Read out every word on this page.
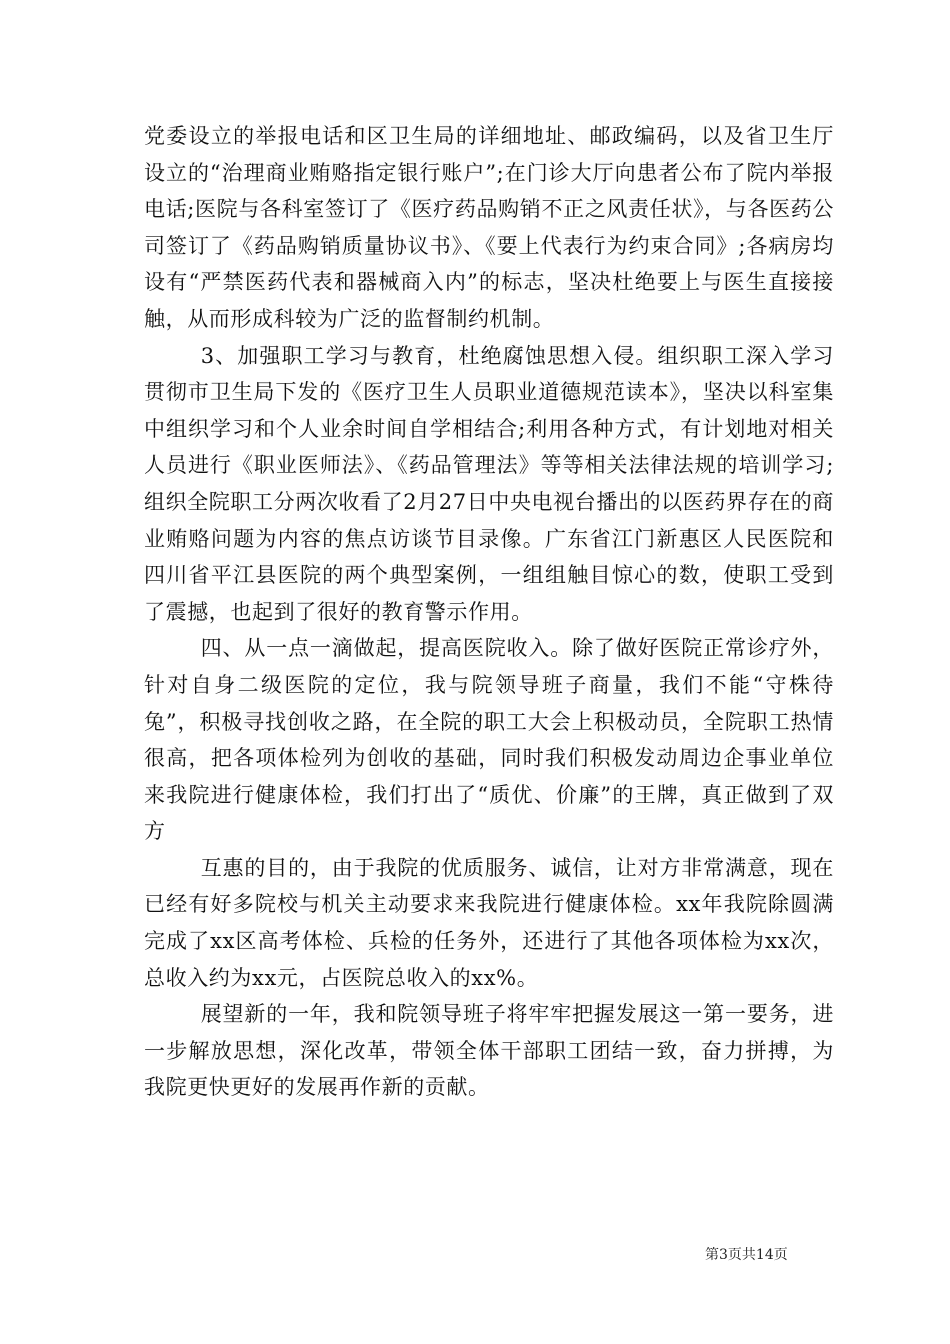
党委设立的举报电话和区卫生局的详细地址、邮政编码，以及省卫生厅设立的“治理商业贿赂指定银行账户”;在门诊大厅向患者公布了院内举报电话;医院与各科室签订了《医疗药品购销不正之风责任状》，与各医药公司签订了《药品购销质量协议书》、《要上代表行为约束合同》;各病房均设有“严禁医药代表和器械商入内”的标志，坚决杜绝要上与医生直接接触，从而形成科较为广泛的监督制约机制。

3、加强职工学习与教育，杜绝腐蚀思想入侵。组织职工深入学习贯彻市卫生局下发的《医疗卫生人员职业道德规范读本》，坚决以科室集中组织学习和个人业余时间自学相结合;利用各种方式，有计划地对相关人员进行《职业医师法》、《药品管理法》等等相关法律法规的培训学习;组织全院职工分两次收看了2月27日中央电视台播出的以医药界存在的商业贿赂问题为内容的焦点访谈节目录像。广东省江门新惠区人民医院和四川省平江县医院的两个典型案例，一组组触目惊心的数，使职工受到了震撼，也起到了很好的教育警示作用。

四、从一点一滴做起，提高医院收入。除了做好医院正常诊疗外，针对自身二级医院的定位，我与院领导班子商量，我们不能“守株待兔”，积极寻找创收之路，在全院的职工大会上积极动员，全院职工热情很高，把各项体检列为创收的基础，同时我们积极发动周边企事业单位来我院进行健康体检，我们打出了“质优、价廉”的王牌，真正做到了双方

互惠的目的，由于我院的优质服务、诚信，让对方非常满意，现在已经有好多院校与机关主动要求来我院进行健康体检。xx年我院除圆满完成了xx区高考体检、兵检的任务外，还进行了其他各项体检为xx次，总收入约为xx元，占医院总收入的xx%。

展望新的一年，我和院领导班子将牢牢把握发展这一第一要务，进一步解放思想，深化改革，带领全体干部职工团结一致，奋力拼搏，为我院更快更好的发展再作新的贡献。

第3页共14页
